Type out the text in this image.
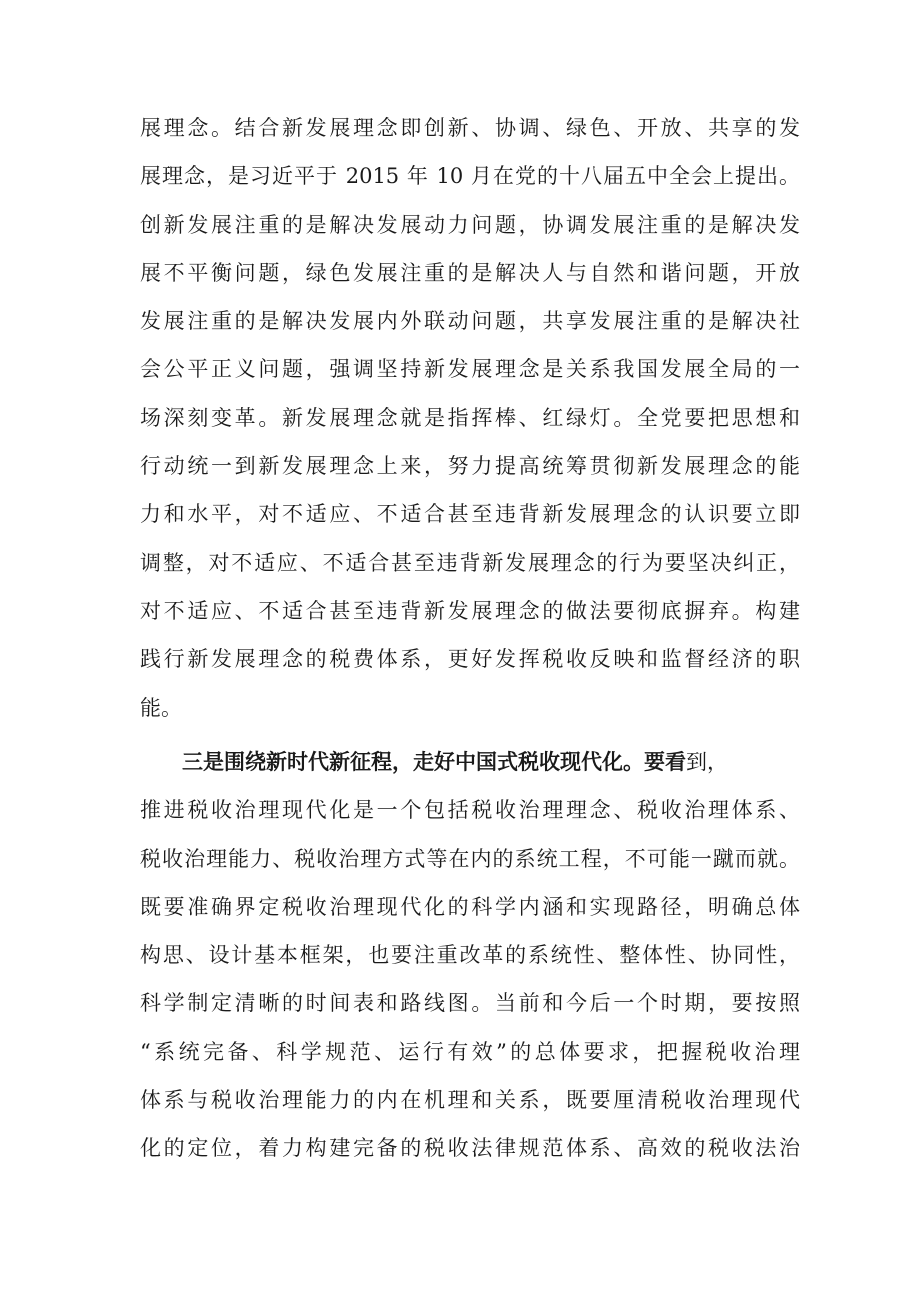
展理念。结合新发展理念即创新、协调、绿色、开放、共享的发
展理念，是习近平于 2015 年 10 月在党的十八届五中全会上提出。
创新发展注重的是解决发展动力问题，协调发展注重的是解决发
展不平衡问题，绿色发展注重的是解决人与自然和谐问题，开放
发展注重的是解决发展内外联动问题，共享发展注重的是解决社
会公平正义问题，强调坚持新发展理念是关系我国发展全局的一
场深刻变革。新发展理念就是指挥棒、红绿灯。全党要把思想和
行动统一到新发展理念上来，努力提高统筹贯彻新发展理念的能
力和水平，对不适应、不适合甚至违背新发展理念的认识要立即
调整，对不适应、不适合甚至违背新发展理念的行为要坚决纠正，
对不适应、不适合甚至违背新发展理念的做法要彻底摒弃。构建
践行新发展理念的税费体系，更好发挥税收反映和监督经济的职
能。
三是围绕新时代新征程，走好中国式税收现代化。要看到，
推进税收治理现代化是一个包括税收治理理念、税收治理体系、
税收治理能力、税收治理方式等在内的系统工程，不可能一蹴而就。
既要准确界定税收治理现代化的科学内涵和实现路径，明确总体
构思、设计基本框架，也要注重改革的系统性、整体性、协同性，
科学制定清晰的时间表和路线图。当前和今后一个时期，要按照
“系统完备、科学规范、运行有效”的总体要求，把握税收治理
体系与税收治理能力的内在机理和关系，既要厘清税收治理现代
化的定位，着力构建完备的税收法律规范体系、高效的税收法治
